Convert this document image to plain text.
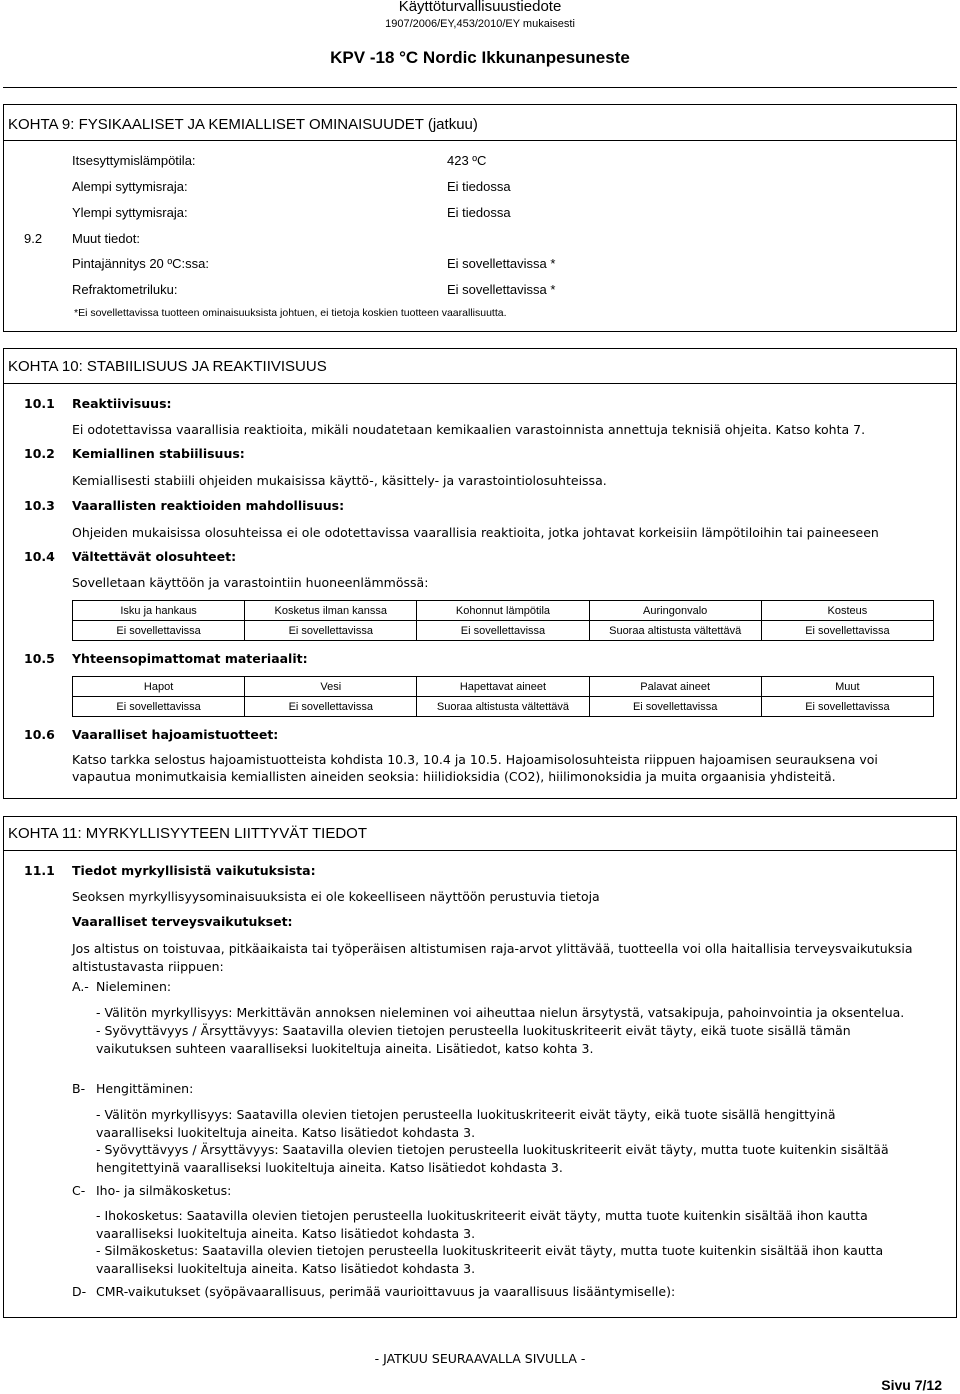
Käyttöturvallisuustiedote
1907/2006/EY,453/2010/EY mukaisesti
KPV -18 °C Nordic Ikkunanpesuneste
KOHTA 9: FYSIKAALISET JA KEMIALLISET OMINAISUUDET (jatkuu)
Itsesyttymislämpötila:	423 ºC
Alempi syttymisraja:	Ei tiedossa
Ylempi syttymisraja:	Ei tiedossa
9.2 Muut tiedot:
Pintajännitys 20 ºC:ssa:	Ei sovellettavissa *
Refraktometriluku:	Ei sovellettavissa *
*Ei sovellettavissa tuotteen ominaisuuksista johtuen, ei tietoja koskien tuotteen vaarallisuutta.
KOHTA 10: STABIILISUUS JA REAKTIIVISUUS
10.1 Reaktiivisuus:
Ei odotettavissa vaarallisia reaktioita, mikäli noudatetaan kemikaalien varastoinnista annettuja teknisiä ohjeita. Katso kohta 7.
10.2 Kemiallinen stabiilisuus:
Kemiallisesti stabiili ohjeiden mukaisissa käyttö-, käsittely- ja varastointiolosuhteissa.
10.3 Vaarallisten reaktioiden mahdollisuus:
Ohjeiden mukaisissa olosuhteissa ei ole odotettavissa vaarallisia reaktioita, jotka johtavat korkeisiin lämpötiloihin tai paineeseen
10.4 Vältettävät olosuhteet:
Sovelletaan käyttöön ja varastointiin huoneenlämmössä:
Isku ja hankaus	Kosketus ilman kanssa	Kohonnut lämpötila	Auringonvalo	Kosteus
Ei sovellettavissa	Ei sovellettavissa	Ei sovellettavissa	Suoraa altistusta vältettävä	Ei sovellettavissa
10.5 Yhteensopimattomat materiaalit:
Hapot	Vesi	Hapettavat aineet	Palavat aineet	Muut
Ei sovellettavissa	Ei sovellettavissa	Suoraa altistusta vältettävä	Ei sovellettavissa	Ei sovellettavissa
10.6 Vaaralliset hajoamistuotteet:
Katso tarkka selostus hajoamistuotteista kohdista 10.3, 10.4 ja 10.5. Hajoamisolosuhteista riippuen hajoamisen seurauksena voi
vapautua monimutkaisia kemiallisten aineiden seoksia: hiilidioksidia (CO2), hiilimonoksidia ja muita orgaanisia yhdisteitä.
KOHTA 11: MYRKYLLISYYTEEN LIITTYVÄT TIEDOT
11.1 Tiedot myrkyllisistä vaikutuksista:
Seoksen myrkyllisyysominaisuuksista ei ole kokeelliseen näyttöön perustuvia tietoja
Vaaralliset terveysvaikutukset:
Jos altistus on toistuvaa, pitkäaikaista tai työperäisen altistumisen raja-arvot ylittävää, tuotteella voi olla haitallisia terveysvaikutuksia
altistustavasta riippuen:
A.- Nieleminen:
- Välitön myrkyllisyys: Merkittävän annoksen nieleminen voi aiheuttaa nielun ärsytystä, vatsakipuja, pahoinvointia ja oksentelua.
- Syövyttävyys / Ärsyttävyys: Saatavilla olevien tietojen perusteella luokituskriteerit eivät täyty, eikä tuote sisällä tämän
vaikutuksen suhteen vaaralliseksi luokiteltuja aineita. Lisätiedot, katso kohta 3.
B- Hengittäminen:
- Välitön myrkyllisyys: Saatavilla olevien tietojen perusteella luokituskriteerit eivät täyty, eikä tuote sisällä hengittyinä
vaaralliseksi luokiteltuja aineita. Katso lisätiedot kohdasta 3.
- Syövyttävyys / Ärsyttävyys: Saatavilla olevien tietojen perusteella luokituskriteerit eivät täyty, mutta tuote kuitenkin sisältää
hengitettyinä vaaralliseksi luokiteltuja aineita. Katso lisätiedot kohdasta 3.
C- Iho- ja silmäkosketus:
- Ihokosketus: Saatavilla olevien tietojen perusteella luokituskriteerit eivät täyty, mutta tuote kuitenkin sisältää ihon kautta
vaaralliseksi luokiteltuja aineita. Katso lisätiedot kohdasta 3.
- Silmäkosketus: Saatavilla olevien tietojen perusteella luokituskriteerit eivät täyty, mutta tuote kuitenkin sisältää ihon kautta
vaaralliseksi luokiteltuja aineita. Katso lisätiedot kohdasta 3.
D- CMR-vaikutukset (syöpävaarallisuus, perimää vaurioittavuus ja vaarallisuus lisääntymiselle):
- JATKUU SEURAAVALLA SIVULLA -
Sivu 7/12
